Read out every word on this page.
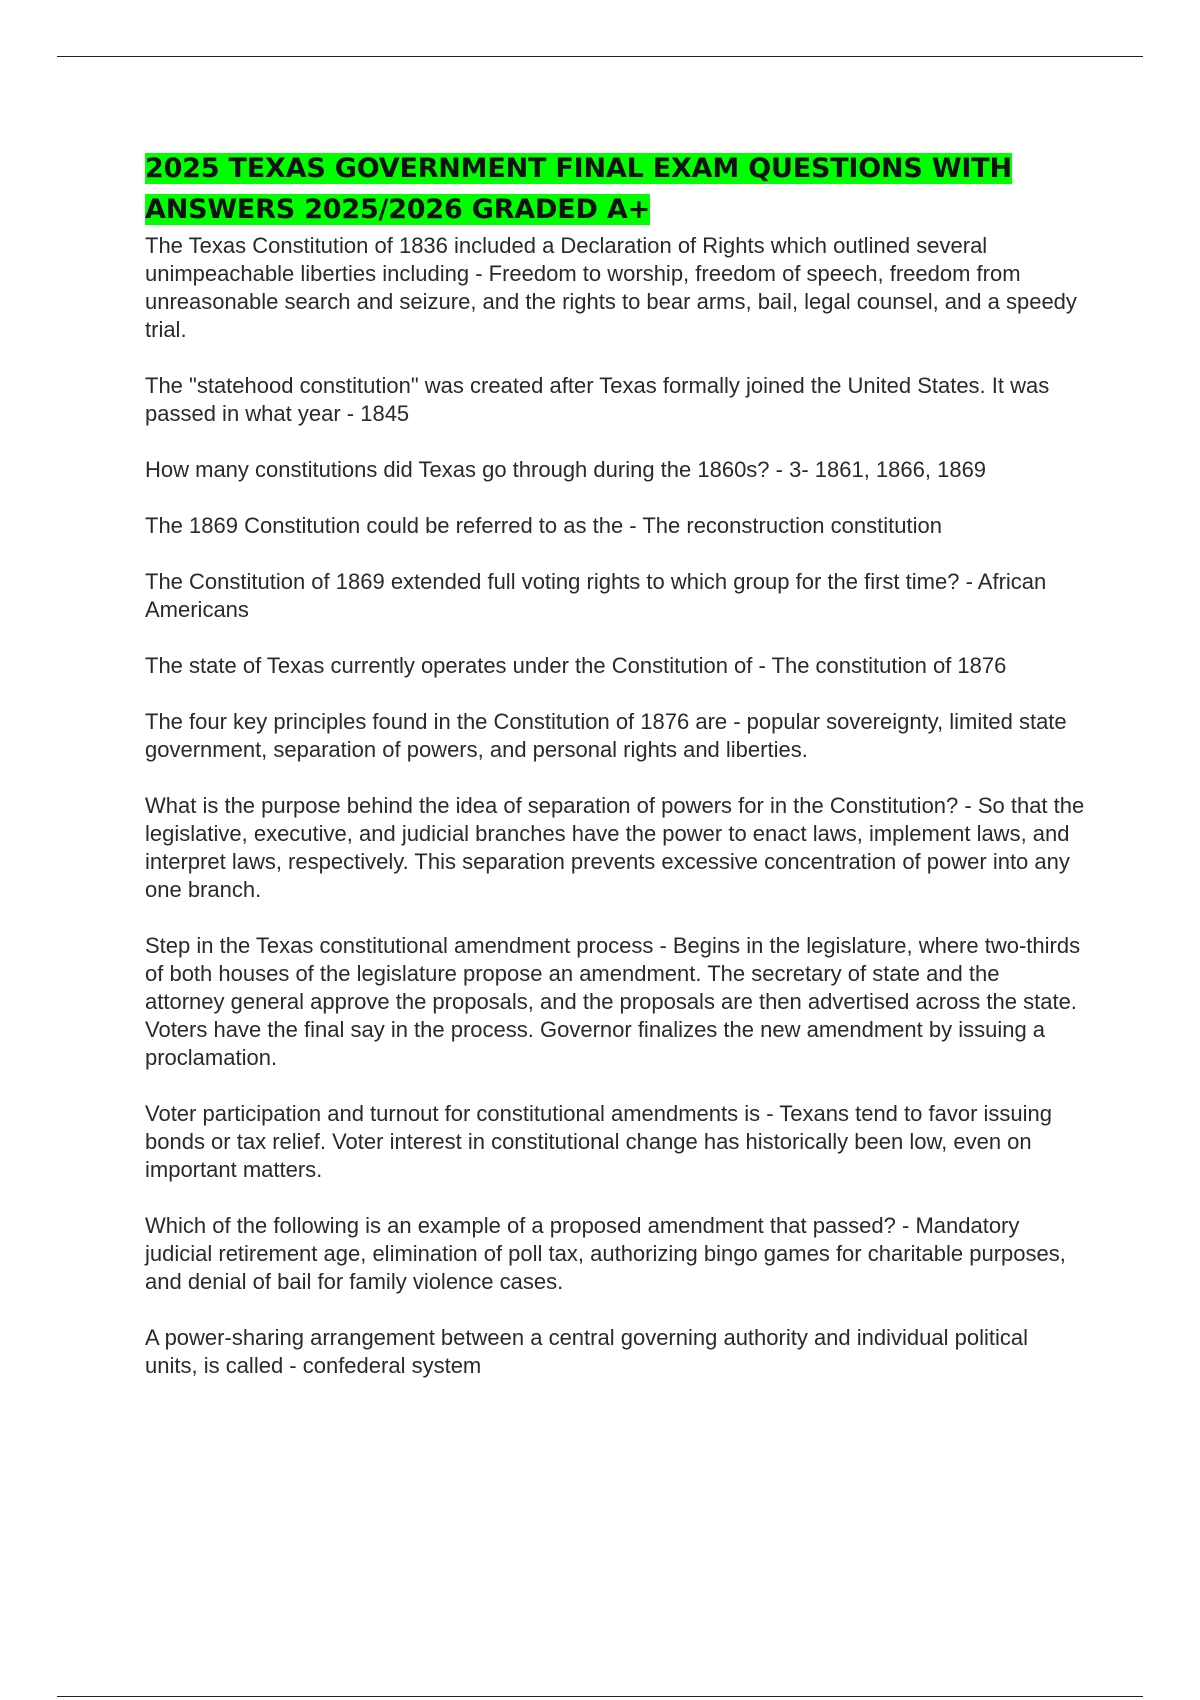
2025 TEXAS GOVERNMENT FINAL EXAM QUESTIONS WITH ANSWERS 2025/2026 GRADED A+

The Texas Constitution of 1836 included a Declaration of Rights which outlined several unimpeachable liberties including - Freedom to worship, freedom of speech, freedom from unreasonable search and seizure, and the rights to bear arms, bail, legal counsel, and a speedy trial.

The "statehood constitution" was created after Texas formally joined the United States. It was passed in what year - 1845

How many constitutions did Texas go through during the 1860s? - 3- 1861, 1866, 1869

The 1869 Constitution could be referred to as the - The reconstruction constitution

The Constitution of 1869 extended full voting rights to which group for the first time? - African Americans

The state of Texas currently operates under the Constitution of - The constitution of 1876

The four key principles found in the Constitution of 1876 are - popular sovereignty, limited state government, separation of powers, and personal rights and liberties.

What is the purpose behind the idea of separation of powers for in the Constitution? - So that the legislative, executive, and judicial branches have the power to enact laws, implement laws, and interpret laws, respectively. This separation prevents excessive concentration of power into any one branch.

Step in the Texas constitutional amendment process - Begins in the legislature, where two-thirds of both houses of the legislature propose an amendment. The secretary of state and the attorney general approve the proposals, and the proposals are then advertised across the state. Voters have the final say in the process. Governor finalizes the new amendment by issuing a proclamation.

Voter participation and turnout for constitutional amendments is - Texans tend to favor issuing bonds or tax relief. Voter interest in constitutional change has historically been low, even on important matters.

Which of the following is an example of a proposed amendment that passed? - Mandatory judicial retirement age, elimination of poll tax, authorizing bingo games for charitable purposes, and denial of bail for family violence cases.

A power-sharing arrangement between a central governing authority and individual political units, is called - confederal system
